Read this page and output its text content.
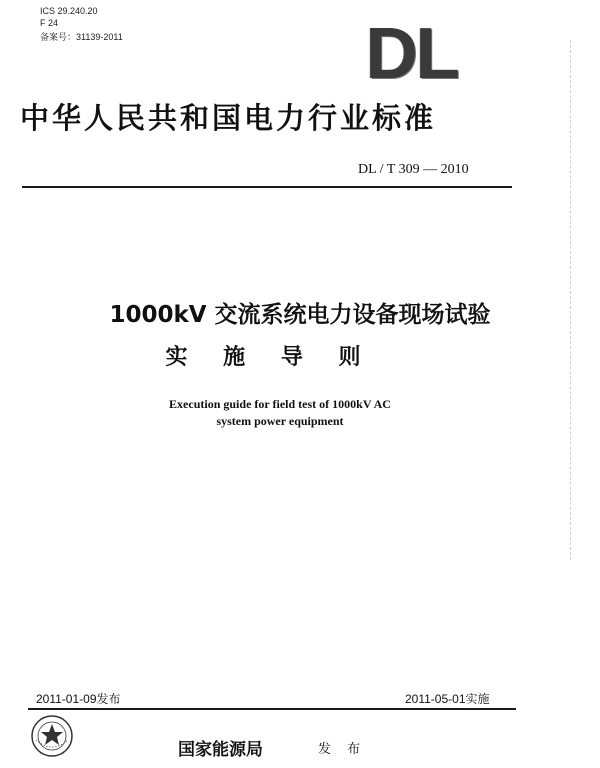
ICS 29.240.20
F 24
备案号：31139-2011	DL
中华人民共和国电力行业标准
DL / T 309 — 2010
1000kV 交流系统电力设备现场试验
实 施 导 则
Execution guide for field test of 1000kV AC
system power equipment
2011-01-09发布	2011-05-01实施
国家能源局	发 布
